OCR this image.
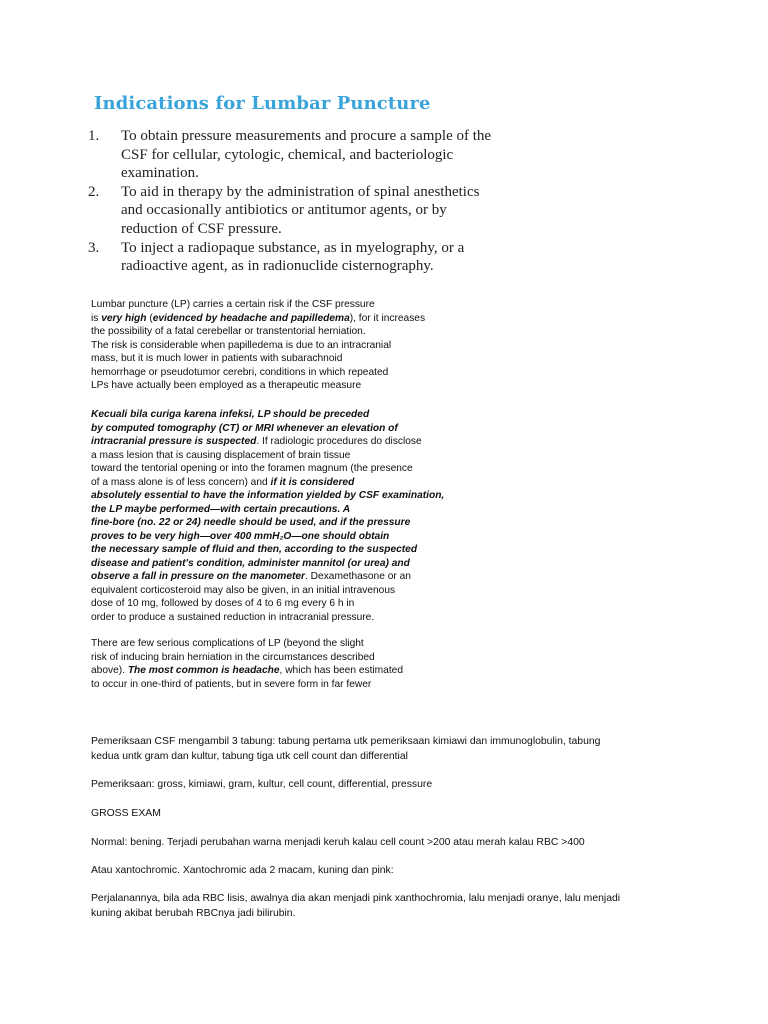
Indications for Lumbar Puncture
1.	To obtain pressure measurements and procure a sample of the CSF for cellular, cytologic, chemical, and bacteriologic examination.
2.	To aid in therapy by the administration of spinal anesthetics and occasionally antibiotics or antitumor agents, or by reduction of CSF pressure.
3.	To inject a radiopaque substance, as in myelography, or a radioactive agent, as in radionuclide cisternography.
Lumbar puncture (LP) carries a certain risk if the CSF pressure
is very high (evidenced by headache and papilledema), for it increases
the possibility of a fatal cerebellar or transtentorial herniation.
The risk is considerable when papilledema is due to an intracranial
mass, but it is much lower in patients with subarachnoid
hemorrhage or pseudotumor cerebri, conditions in which repeated
LPs have actually been employed as a therapeutic measure
Kecuali bila curiga karena infeksi, LP should be preceded
by computed tomography (CT) or MRI whenever an elevation of
intracranial pressure is suspected. If radiologic procedures do disclose
a mass lesion that is causing displacement of brain tissue
toward the tentorial opening or into the foramen magnum (the presence
of a mass alone is of less concern) and if it is considered
absolutely essential to have the information yielded by CSF examination,
the LP maybe performed—with certain precautions. A
fine-bore (no. 22 or 24) needle should be used, and if the pressure
proves to be very high—over 400 mmH₂O—one should obtain
the necessary sample of fluid and then, according to the suspected
disease and patient's condition, administer mannitol (or urea) and
observe a fall in pressure on the manometer. Dexamethasone or an
equivalent corticosteroid may also be given, in an initial intravenous
dose of 10 mg, followed by doses of 4 to 6 mg every 6 h in
order to produce a sustained reduction in intracranial pressure.
There are few serious complications of LP (beyond the slight
risk of inducing brain herniation in the circumstances described
above). The most common is headache, which has been estimated
to occur in one-third of patients, but in severe form in far fewer
Pemeriksaan CSF mengambil 3 tabung: tabung pertama utk pemeriksaan kimiawi dan immunoglobulin, tabung
kedua untk gram dan kultur, tabung tiga utk cell count dan differential
Pemeriksaan: gross, kimiawi, gram, kultur, cell count, differential, pressure
GROSS EXAM
Normal: bening. Terjadi perubahan warna menjadi keruh kalau cell count >200 atau merah kalau RBC >400
Atau xantochromic. Xantochromic ada 2 macam, kuning dan pink:
Perjalanannya, bila ada RBC lisis, awalnya dia akan menjadi pink xanthochromia, lalu menjadi oranye, lalu menjadi
kuning akibat berubah RBCnya jadi bilirubin.
